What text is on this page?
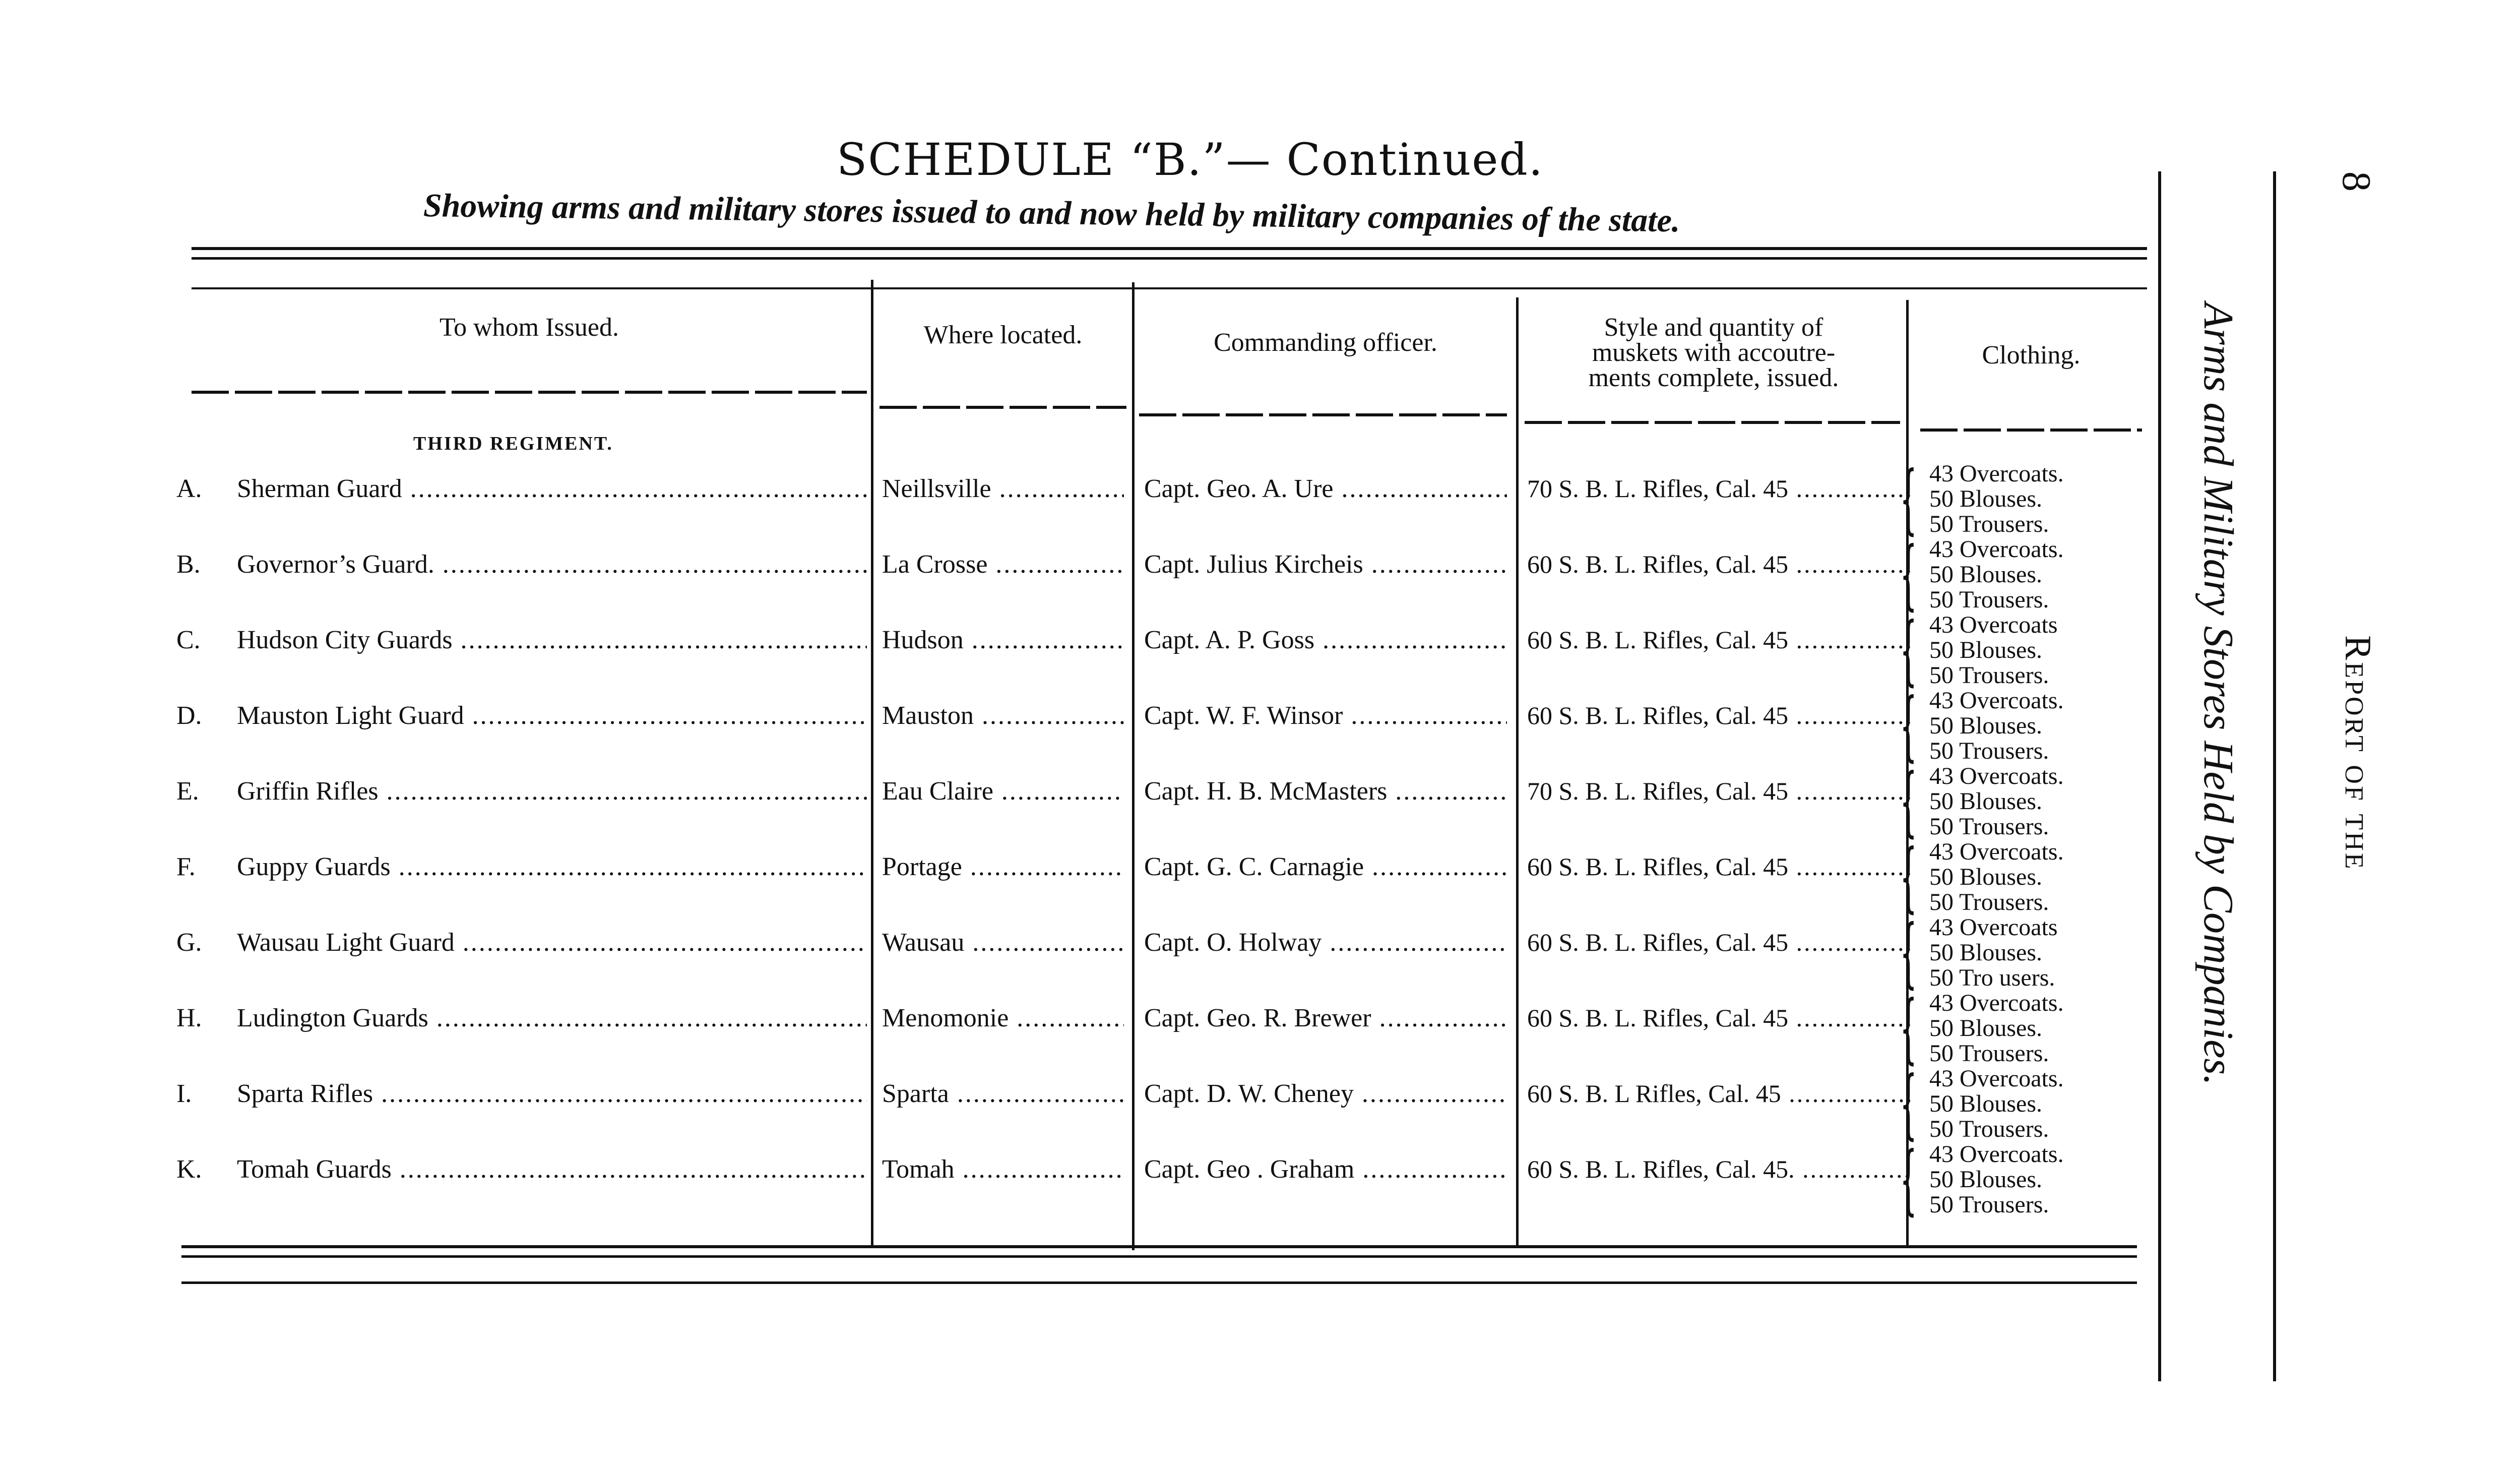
SCHEDULE “B.”— Continued.
Showing arms and military stores issued to and now held by military companies of the state.
To whom Issued.	Where located.	Commanding officer.
Style and quantity of
muskets with accoutre-
ments complete, issued.
Clothing.
THIRD REGIMENT.
A.	Sherman Guard .....	Neillsville .....	Capt. Geo. A. Ure .....	70 S. B. L. Rifles, Cal. 45 .....	{ 43 Overcoats.
50 Blouses.
50 Trousers.
B.	Governor’s Guard. .....	La Crosse .....	Capt. Julius Kircheis .....	60 S. B. L. Rifles, Cal. 45 .....	{ 43 Overcoats.
50 Blouses.
50 Trousers.
C.	Hudson City Guards .....	Hudson .....	Capt. A. P. Goss .....	60 S. B. L. Rifles, Cal. 45 .....	{ 43 Overcoats
50 Blouses.
50 Trousers.
D.	Mauston Light Guard .....	Mauston .....	Capt. W. F. Winsor .....	60 S. B. L. Rifles, Cal. 45 .....	{ 43 Overcoats.
50 Blouses.
50 Trousers.
E.	Griffin Rifles .....	Eau Claire .....	Capt. H. B. McMasters .....	70 S. B. L. Rifles, Cal. 45 .....	{ 43 Overcoats.
50 Blouses.
50 Trousers.
F.	Guppy Guards .....	Portage .....	Capt. G. C. Carnagie .....	60 S. B. L. Rifles, Cal. 45 .....	{ 43 Overcoats.
50 Blouses.
50 Trousers.
G.	Wausau Light Guard .....	Wausau .....	Capt. O. Holway .....	60 S. B. L. Rifles, Cal. 45 .....	{ 43 Overcoats
50 Blouses.
50 Tro users.
H.	Ludington Guards .....	Menomonie .....	Capt. Geo. R. Brewer .....	60 S. B. L. Rifles, Cal. 45 .....	{ 43 Overcoats.
50 Blouses.
50 Trousers.
I.	Sparta Rifles .....	Sparta .....	Capt. D. W. Cheney .....	60 S. B. L Rifles, Cal. 45 .....	{ 43 Overcoats.
50 Blouses.
50 Trousers.
K.	Tomah Guards .....	Tomah .....	Capt. Geo . Graham .....	60 S. B. L. Rifles, Cal. 45. .....	{ 43 Overcoats.
50 Blouses.
50 Trousers.
Arms and Military Stores Held by Companies.	Report of the
8
